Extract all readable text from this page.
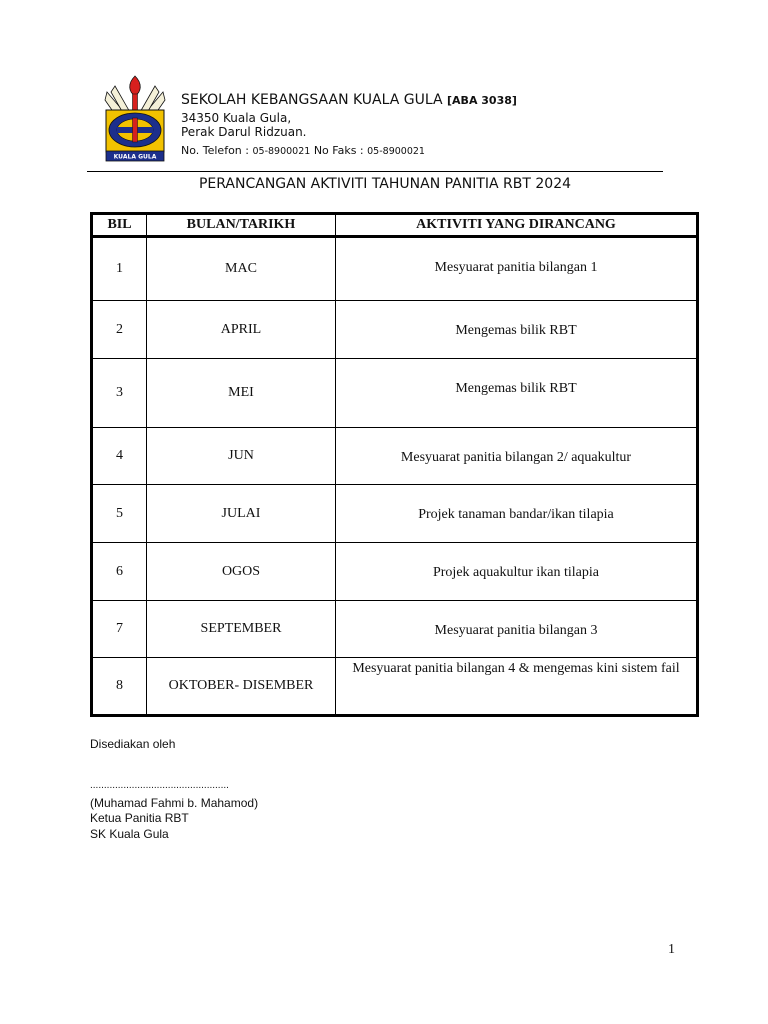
KUALA GULA
SEKOLAH KEBANGSAAN KUALA GULA [ABA 3038]
34350 Kuala Gula,
Perak Darul Ridzuan.
No. Telefon : 05-8900021 No Faks : 05-8900021
PERANCANGAN AKTIVITI TAHUNAN PANITIA RBT 2024
BIL	BULAN/TARIKH	AKTIVITI YANG DIRANCANG
1	MAC	Mesyuarat panitia bilangan 1
2	APRIL	Mengemas bilik RBT
3	MEI	Mengemas bilik RBT
4	JUN	Mesyuarat panitia bilangan 2/ aquakultur
5	JULAI	Projek tanaman bandar/ikan tilapia
6	OGOS	Projek aquakultur ikan tilapia
7	SEPTEMBER	Mesyuarat panitia bilangan 3
8	OKTOBER- DISEMBER	Mesyuarat panitia bilangan 4 & mengemas kini sistem fail
Disediakan oleh
..................................................
(Muhamad Fahmi b. Mahamod)
Ketua Panitia RBT
SK Kuala Gula
1
